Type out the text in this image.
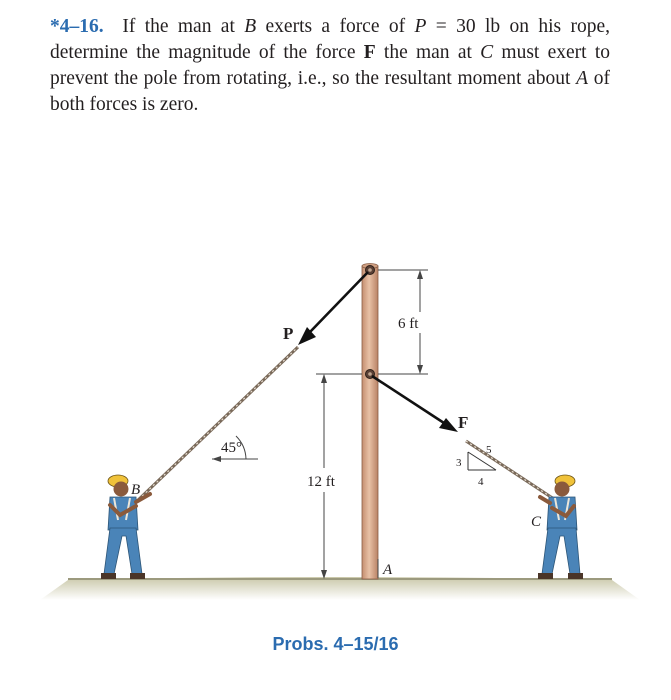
*4–16. If the man at B exerts a force of P = 30 lb on his rope, determine the magnitude of the force F the man at C must exert to prevent the pole from rotating, i.e., so the resultant moment about A of both forces is zero.
P
F
45°
3
4
5
6 ft
12 ft
A
B
C
Probs. 4–15/16
